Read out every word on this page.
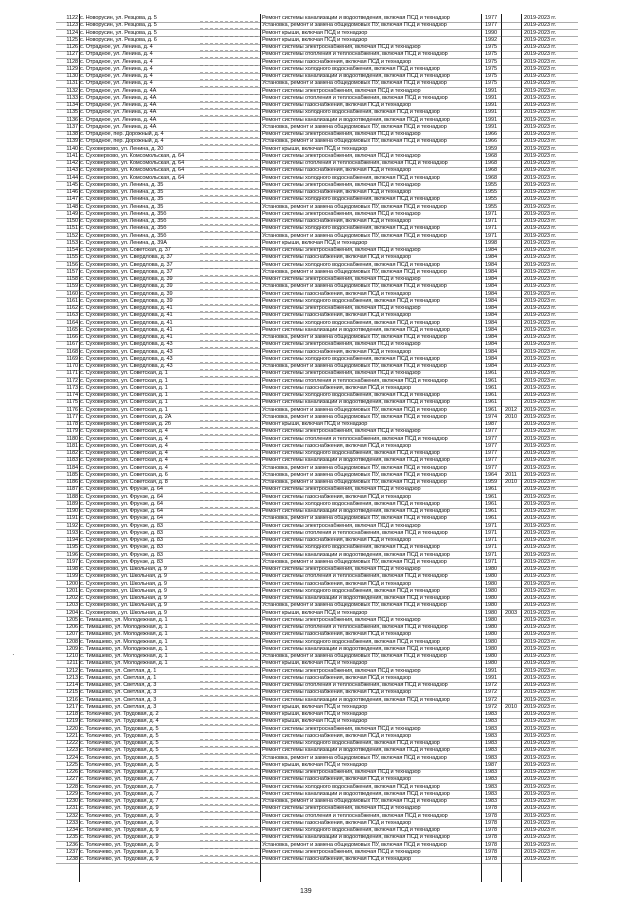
1122 с. Новорусин, ул. Резцова, д. 5	Ремонт системы канализации и водоотведения, включая ПСД и технадзор	1977	2019-2023 гг.
1123 с. Новорусин, ул. Резцова, д. 5	Установка, ремонт и замена общедомовых ПУ, включая ПСД и технадзор	1977	2019-2023 гг.
1124 с. Новорусин, ул. Резцова, д. 5	Ремонт крыши, включая ПСД и технадзор	1990	2019-2023 гг.
1125 с. Новорусин, ул. Резцова, д. 6	Ремонт крыши, включая ПСД и технадзор	1992	2019-2023 гг.
1126 с. Отрадное, ул. Ленина, д. 4	Ремонт системы электроснабжения, включая ПСД и технадзор	1975	2019-2023 гг.
1127 с. Отрадное, ул. Ленина, д. 4	Ремонт системы отопления и теплоснабжения, включая ПСД и технадзор	1975	2019-2023 гг.
1128 с. Отрадное, ул. Ленина, д. 4	Ремонт системы газоснабжения, включая ПСД и технадзор	1975	2019-2023 гг.
1129 с. Отрадное, ул. Ленина, д. 4	Ремонт системы холодного водоснабжения, включая ПСД и технадзор	1975	2019-2023 гг.
1130 с. Отрадное, ул. Ленина, д. 4	Ремонт системы канализации и водоотведения, включая ПСД и технадзор	1975	2019-2023 гг.
1131 с. Отрадное, ул. Ленина, д. 4	Установка, ремонт и замена общедомовых ПУ, включая ПСД и технадзор	1975	2019-2023 гг.
1132 с. Отрадное, ул. Ленина, д. 4А	Ремонт системы электроснабжения, включая ПСД и технадзор	1991	2019-2023 гг.
1133 с. Отрадное, ул. Ленина, д. 4А	Ремонт системы отопления и теплоснабжения, включая ПСД и технадзор	1991	2019-2023 гг.
1134 с. Отрадное, ул. Ленина, д. 4А	Ремонт системы газоснабжения, включая ПСД и технадзор	1991	2019-2023 гг.
1135 с. Отрадное, ул. Ленина, д. 4А	Ремонт системы холодного водоснабжения, включая ПСД и технадзор	1991	2019-2023 гг.
1136 с. Отрадное, ул. Ленина, д. 4А	Ремонт системы канализации и водоотведения, включая ПСД и технадзор	1991	2019-2023 гг.
1137 с. Отрадное, ул. Ленина, д. 4А	Установка, ремонт и замена общедомовых ПУ, включая ПСД и технадзор	1991	2019-2023 гг.
1138 с. Отрадное, пер. Дорожный, д. 4	Ремонт системы электроснабжения, включая ПСД и технадзор	1966	2019-2023 гг.
1139 с. Отрадное, пер. Дорожный, д. 4	Установка, ремонт и замена общедомовых ПУ, включая ПСД и технадзор	1966	2019-2023 гг.
1140 с. Суховерхово, ул. Ленина, д. 20	Ремонт крыши, включая ПСД и технадзор	1959	2019-2023 гг.
1141 с. Суховерхово, ул. Комсомольская, д. 64	Ремонт системы электроснабжения, включая ПСД и технадзор	1968	2019-2023 гг.
1142 с. Суховерхово, ул. Комсомольская, д. 64	Ремонт системы отопления и теплоснабжения, включая ПСД и технадзор	1968	2019-2023 гг.
1143 с. Суховерхово, ул. Комсомольская, д. 64	Ремонт системы газоснабжения, включая ПСД и технадзор	1968	2019-2023 гг.
1144 с. Суховерхово, ул. Комсомольская, д. 64	Ремонт системы холодного водоснабжения, включая ПСД и технадзор	1968	2019-2023 гг.
1145 с. Суховерхово, ул. Ленина, д. 35	Ремонт системы электроснабжения, включая ПСД и технадзор	1955	2019-2023 гг.
1146 с. Суховерхово, ул. Ленина, д. 35	Ремонт системы газоснабжения, включая ПСД и технадзор	1955	2019-2023 гг.
1147 с. Суховерхово, ул. Ленина, д. 35	Ремонт системы холодного водоснабжения, включая ПСД и технадзор	1955	2019-2023 гг.
1148 с. Суховерхово, ул. Ленина, д. 35	Установка, ремонт и замена общедомовых ПУ, включая ПСД и технадзор	1955	2019-2023 гг.
1149 с. Суховерхово, ул. Ленина, д. 35б	Ремонт системы электроснабжения, включая ПСД и технадзор	1971	2019-2023 гг.
1150 с. Суховерхово, ул. Ленина, д. 35б	Ремонт системы газоснабжения, включая ПСД и технадзор	1971	2019-2023 гг.
1151 с. Суховерхово, ул. Ленина, д. 35б	Ремонт системы холодного водоснабжения, включая ПСД и технадзор	1971	2019-2023 гг.
1152 с. Суховерхово, ул. Ленина, д. 35б	Установка, ремонт и замена общедомовых ПУ, включая ПСД и технадзор	1971	2019-2023 гг.
1153 с. Суховерхово, ул. Ленина, д. 39А	Ремонт крыши, включая ПСД и технадзор	1998	2019-2023 гг.
1154 с. Суховерхово, ул. Советская, д. 37	Ремонт системы электроснабжения, включая ПСД и технадзор	1984	2019-2023 гг.
1155 с. Суховерхово, ул. Свердлова, д. 37	Ремонт системы газоснабжения, включая ПСД и технадзор	1984	2019-2023 гг.
1156 с. Суховерхово, ул. Свердлова, д. 37	Ремонт системы холодного водоснабжения, включая ПСД и технадзор	1984	2019-2023 гг.
1157 с. Суховерхово, ул. Свердлова, д. 37	Установка, ремонт и замена общедомовых ПУ, включая ПСД и технадзор	1984	2019-2023 гг.
1158 с. Суховерхово, ул. Свердлова, д. 39	Ремонт системы электроснабжения, включая ПСД и технадзор	1984	2019-2023 гг.
1159 с. Суховерхово, ул. Свердлова, д. 39	Установка, ремонт и замена общедомовых ПУ, включая ПСД и технадзор	1984	2019-2023 гг.
1160 с. Суховерхово, ул. Свердлова, д. 39	Ремонт системы газоснабжения, включая ПСД и технадзор	1984	2019-2023 гг.
1161 с. Суховерхово, ул. Свердлова, д. 39	Ремонт системы холодного водоснабжения, включая ПСД и технадзор	1984	2019-2023 гг.
1162 с. Суховерхово, ул. Свердлова, д. 41	Ремонт системы электроснабжения, включая ПСД и технадзор	1984	2019-2023 гг.
1163 с. Суховерхово, ул. Свердлова, д. 41	Ремонт системы газоснабжения, включая ПСД и технадзор	1984	2019-2023 гг.
1164 с. Суховерхово, ул. Свердлова, д. 41	Ремонт системы холодного водоснабжения, включая ПСД и технадзор	1984	2019-2023 гг.
1165 с. Суховерхово, ул. Свердлова, д. 41	Ремонт системы канализации и водоотведения, включая ПСД и технадзор	1984	2019-2023 гг.
1166 с. Суховерхово, ул. Свердлова, д. 41	Установка, ремонт и замена общедомовых ПУ, включая ПСД и технадзор	1984	2019-2023 гг.
1167 с. Суховерхово, ул. Свердлова, д. 43	Ремонт системы электроснабжения, включая ПСД и технадзор	1984	2019-2023 гг.
1168 с. Суховерхово, ул. Свердлова, д. 43	Ремонт системы газоснабжения, включая ПСД и технадзор	1984	2019-2023 гг.
1169 с. Суховерхово, ул. Свердлова, д. 43	Ремонт системы холодного водоснабжения, включая ПСД и технадзор	1984	2019-2023 гг.
1170 с. Суховерхово, ул. Свердлова, д. 43	Установка, ремонт и замена общедомовых ПУ, включая ПСД и технадзор	1984	2019-2023 гг.
1171 с. Суховерхово, ул. Советская, д. 1	Ремонт системы электроснабжения, включая ПСД и технадзор	1961	2019-2023 гг.
1172 с. Суховерхово, ул. Советская, д. 1	Ремонт системы отопления и теплоснабжения, включая ПСД и технадзор	1961	2019-2023 гг.
1173 с. Суховерхово, ул. Советская, д. 1	Ремонт системы газоснабжения, включая ПСД и технадзор	1961	2019-2023 гг.
1174 с. Суховерхово, ул. Советская, д. 1	Ремонт системы холодного водоснабжения, включая ПСД и технадзор	1961	2019-2023 гг.
1175 с. Суховерхово, ул. Советская, д. 1	Ремонт системы канализации и водоотведения, включая ПСД и технадзор	1961	2019-2023 гг.
1176 с. Суховерхово, ул. Советская, д. 1	Установка, ремонт и замена общедомовых ПУ, включая ПСД и технадзор	1961	2012	2019-2023 гг.
1177 с. Суховерхово, ул. Советская, д. 2А	Установка, ремонт и замена общедомовых ПУ, включая ПСД и технадзор	1974	2010	2019-2023 гг.
1178 с. Суховерхово, ул. Советская, д. 2б	Ремонт крыши, включая ПСД и технадзор	1987	2019-2023 гг.
1179 с. Суховерхово, ул. Советская, д. 4	Ремонт системы электроснабжения, включая ПСД и технадзор	1977	2019-2023 гг.
1180 с. Суховерхово, ул. Советская, д. 4	Ремонт системы отопления и теплоснабжения, включая ПСД и технадзор	1977	2019-2023 гг.
1181 с. Суховерхово, ул. Советская, д. 4	Ремонт системы газоснабжения, включая ПСД и технадзор	1977	2019-2023 гг.
1182 с. Суховерхово, ул. Советская, д. 4	Ремонт системы холодного водоснабжения, включая ПСД и технадзор	1977	2019-2023 гг.
1183 с. Суховерхово, ул. Советская, д. 4	Ремонт системы канализации и водоотведения, включая ПСД и технадзор	1977	2019-2023 гг.
1184 с. Суховерхово, ул. Советская, д. 4	Установка, ремонт и замена общедомовых ПУ, включая ПСД и технадзор	1977	2019-2023 гг.
1185 с. Суховерхово, ул. Советская, д. 6	Установка, ремонт и замена общедомовых ПУ, включая ПСД и технадзор	1964	2011	2019-2023 гг.
1186 с. Суховерхово, ул. Советская, д. 8	Установка, ремонт и замена общедомовых ПУ, включая ПСД и технадзор	1959	2010	2019-2023 гг.
1187 с. Суховерхово, ул. Фрунзе, д. 64	Ремонт системы электроснабжения, включая ПСД и технадзор	1961	2019-2023 гг.
1188 с. Суховерхово, ул. Фрунзе, д. 64	Ремонт системы газоснабжения, включая ПСД и технадзор	1961	2019-2023 гг.
1189 с. Суховерхово, ул. Фрунзе, д. 64	Ремонт системы холодного водоснабжения, включая ПСД и технадзор	1961	2019-2023 гг.
1190 с. Суховерхово, ул. Фрунзе, д. 64	Ремонт системы канализации и водоотведения, включая ПСД и технадзор	1961	2019-2023 гг.
1191 с. Суховерхово, ул. Фрунзе, д. 64	Установка, ремонт и замена общедомовых ПУ, включая ПСД и технадзор	1961	2019-2023 гг.
1192 с. Суховерхово, ул. Фрунзе, д. 83	Ремонт системы электроснабжения, включая ПСД и технадзор	1971	2019-2023 гг.
1193 с. Суховерхово, ул. Фрунзе, д. 83	Ремонт системы отопления и теплоснабжения, включая ПСД и технадзор	1971	2019-2023 гг.
1194 с. Суховерхово, ул. Фрунзе, д. 83	Ремонт системы газоснабжения, включая ПСД и технадзор	1971	2019-2023 гг.
1195 с. Суховерхово, ул. Фрунзе, д. 83	Ремонт системы холодного водоснабжения, включая ПСД и технадзор	1971	2019-2023 гг.
1196 с. Суховерхово, ул. Фрунзе, д. 83	Ремонт системы канализации и водоотведения, включая ПСД и технадзор	1971	2019-2023 гг.
1197 с. Суховерхово, ул. Фрунзе, д. 83	Установка, ремонт и замена общедомовых ПУ, включая ПСД и технадзор	1971	2019-2023 гг.
1198 с. Суховерхово, ул. Школьная, д. 9	Ремонт системы электроснабжения, включая ПСД и технадзор	1980	2019-2023 гг.
1199 с. Суховерхово, ул. Школьная, д. 9	Ремонт системы отопления и теплоснабжения, включая ПСД и технадзор	1980	2019-2023 гг.
1200 с. Суховерхово, ул. Школьная, д. 9	Ремонт системы газоснабжения, включая ПСД и технадзор	1980	2019-2023 гг.
1201 с. Суховерхово, ул. Школьная, д. 9	Ремонт системы холодного водоснабжения, включая ПСД и технадзор	1980	2019-2023 гг.
1202 с. Суховерхово, ул. Школьная, д. 9	Ремонт системы канализации и водоотведения, включая ПСД и технадзор	1980	2019-2023 гг.
1203 с. Суховерхово, ул. Школьная, д. 9	Установка, ремонт и замена общедомовых ПУ, включая ПСД и технадзор	1980	2019-2023 гг.
1204 с. Суховерхово, ул. Школьная, д. 9	Ремонт крыши, включая ПСД и технадзор	1980	2003	2019-2023 гг.
1205 с. Тимашево, ул. Молодежная, д. 1	Ремонт системы электроснабжения, включая ПСД и технадзор	1980	2019-2023 гг.
1206 с. Тимашево, ул. Молодежная, д. 1	Ремонт системы отопления и теплоснабжения, включая ПСД и технадзор	1980	2019-2023 гг.
1207 с. Тимашево, ул. Молодежная, д. 1	Ремонт системы газоснабжения, включая ПСД и технадзор	1980	2019-2023 гг.
1208 с. Тимашево, ул. Молодежная, д. 1	Ремонт системы холодного водоснабжения, включая ПСД и технадзор	1980	2019-2023 гг.
1209 с. Тимашево, ул. Молодежная, д. 1	Ремонт системы канализации и водоотведения, включая ПСД и технадзор	1980	2019-2023 гг.
1210 с. Тимашево, ул. Молодежная, д. 1	Установка, ремонт и замена общедомовых ПУ, включая ПСД и технадзор	1980	2019-2023 гг.
1211 с. Тимашево, ул. Молодежная, д. 1	Ремонт крыши, включая ПСД и технадзор	1980	2019-2023 гг.
1212 с. Тимашево, ул. Светлая, д. 1	Ремонт системы электроснабжения, включая ПСД и технадзор	1991	2019-2023 гг.
1213 с. Тимашево, ул. Светлая, д. 1	Ремонт системы газоснабжения, включая ПСД и технадзор	1991	2019-2023 гг.
1214 с. Тимашево, ул. Светлая, д. 3	Ремонт системы отопления и теплоснабжения, включая ПСД и технадзор	1972	2019-2023 гг.
1215 с. Тимашево, ул. Светлая, д. 3	Ремонт системы газоснабжения, включая ПСД и технадзор	1972	2019-2023 гг.
1216 с. Тимашево, ул. Светлая, д. 3	Ремонт системы канализации и водоотведения, включая ПСД и технадзор	1972	2019-2023 гг.
1217 с. Тимашево, ул. Светлая, д. 3	Ремонт крыши, включая ПСД и технадзор	1972	2010	2019-2023 гг.
1218 с. Толкачево, ул. Трудовая, д. 2	Ремонт крыши, включая ПСД и технадзор	1983	2019-2023 гг.
1219 с. Толкачево, ул. Трудовая, д. 4	Ремонт крыши, включая ПСД и технадзор	1983	2019-2023 гг.
1220 с. Толкачево, ул. Трудовая, д. 5	Ремонт системы электроснабжения, включая ПСД и технадзор	1983	2019-2023 гг.
1221 с. Толкачево, ул. Трудовая, д. 5	Ремонт системы газоснабжения, включая ПСД и технадзор	1983	2019-2023 гг.
1222 с. Толкачево, ул. Трудовая, д. 5	Ремонт системы холодного водоснабжения, включая ПСД и технадзор	1983	2019-2023 гг.
1223 с. Толкачево, ул. Трудовая, д. 5	Ремонт системы канализации и водоотведения, включая ПСД и технадзор	1983	2019-2023 гг.
1224 с. Толкачево, ул. Трудовая, д. 5	Установка, ремонт и замена общедомовых ПУ, включая ПСД и технадзор	1983	2019-2023 гг.
1225 с. Толкачево, ул. Трудовая, д. 5	Ремонт крыши, включая ПСД и технадзор	1987	2019-2023 гг.
1226 с. Толкачево, ул. Трудовая, д. 7	Ремонт системы электроснабжения, включая ПСД и технадзор	1983	2019-2023 гг.
1227 с. Толкачево, ул. Трудовая, д. 7	Ремонт системы газоснабжения, включая ПСД и технадзор	1983	2019-2023 гг.
1228 с. Толкачево, ул. Трудовая, д. 7	Ремонт системы холодного водоснабжения, включая ПСД и технадзор	1983	2019-2023 гг.
1229 с. Толкачево, ул. Трудовая, д. 7	Ремонт системы канализации и водоотведения, включая ПСД и технадзор	1983	2019-2023 гг.
1230 с. Толкачево, ул. Трудовая, д. 7	Установка, ремонт и замена общедомовых ПУ, включая ПСД и технадзор	1983	2019-2023 гг.
1231 с. Толкачево, ул. Трудовая, д. 9	Ремонт системы электроснабжения, включая ПСД и технадзор	1978	2019-2023 гг.
1232 с. Толкачево, ул. Трудовая, д. 9	Ремонт системы отопления и теплоснабжения, включая ПСД и технадзор	1978	2019-2023 гг.
1233 с. Толкачево, ул. Трудовая, д. 9	Ремонт системы газоснабжения, включая ПСД и технадзор	1978	2019-2023 гг.
1234 с. Толкачево, ул. Трудовая, д. 9	Ремонт системы холодного водоснабжения, включая ПСД и технадзор	1978	2019-2023 гг.
1235 с. Толкачево, ул. Трудовая, д. 9	Ремонт системы канализации и водоотведения, включая ПСД и технадзор	1978	2019-2023 гг.
1236 с. Толкачево, ул. Трудовая, д. 9	Установка, ремонт и замена общедомовых ПУ, включая ПСД и технадзор	1978	2019-2023 гг.
1237 с. Толкачево, ул. Трудовая, д. 9	Ремонт системы электроснабжения, включая ПСД и технадзор	1978	2019-2023 гг.
1238 с. Толкачево, ул. Трудовая, д. 9	Ремонт системы газоснабжения, включая ПСД и технадзор	1978	2019-2023 гг.
·
139
